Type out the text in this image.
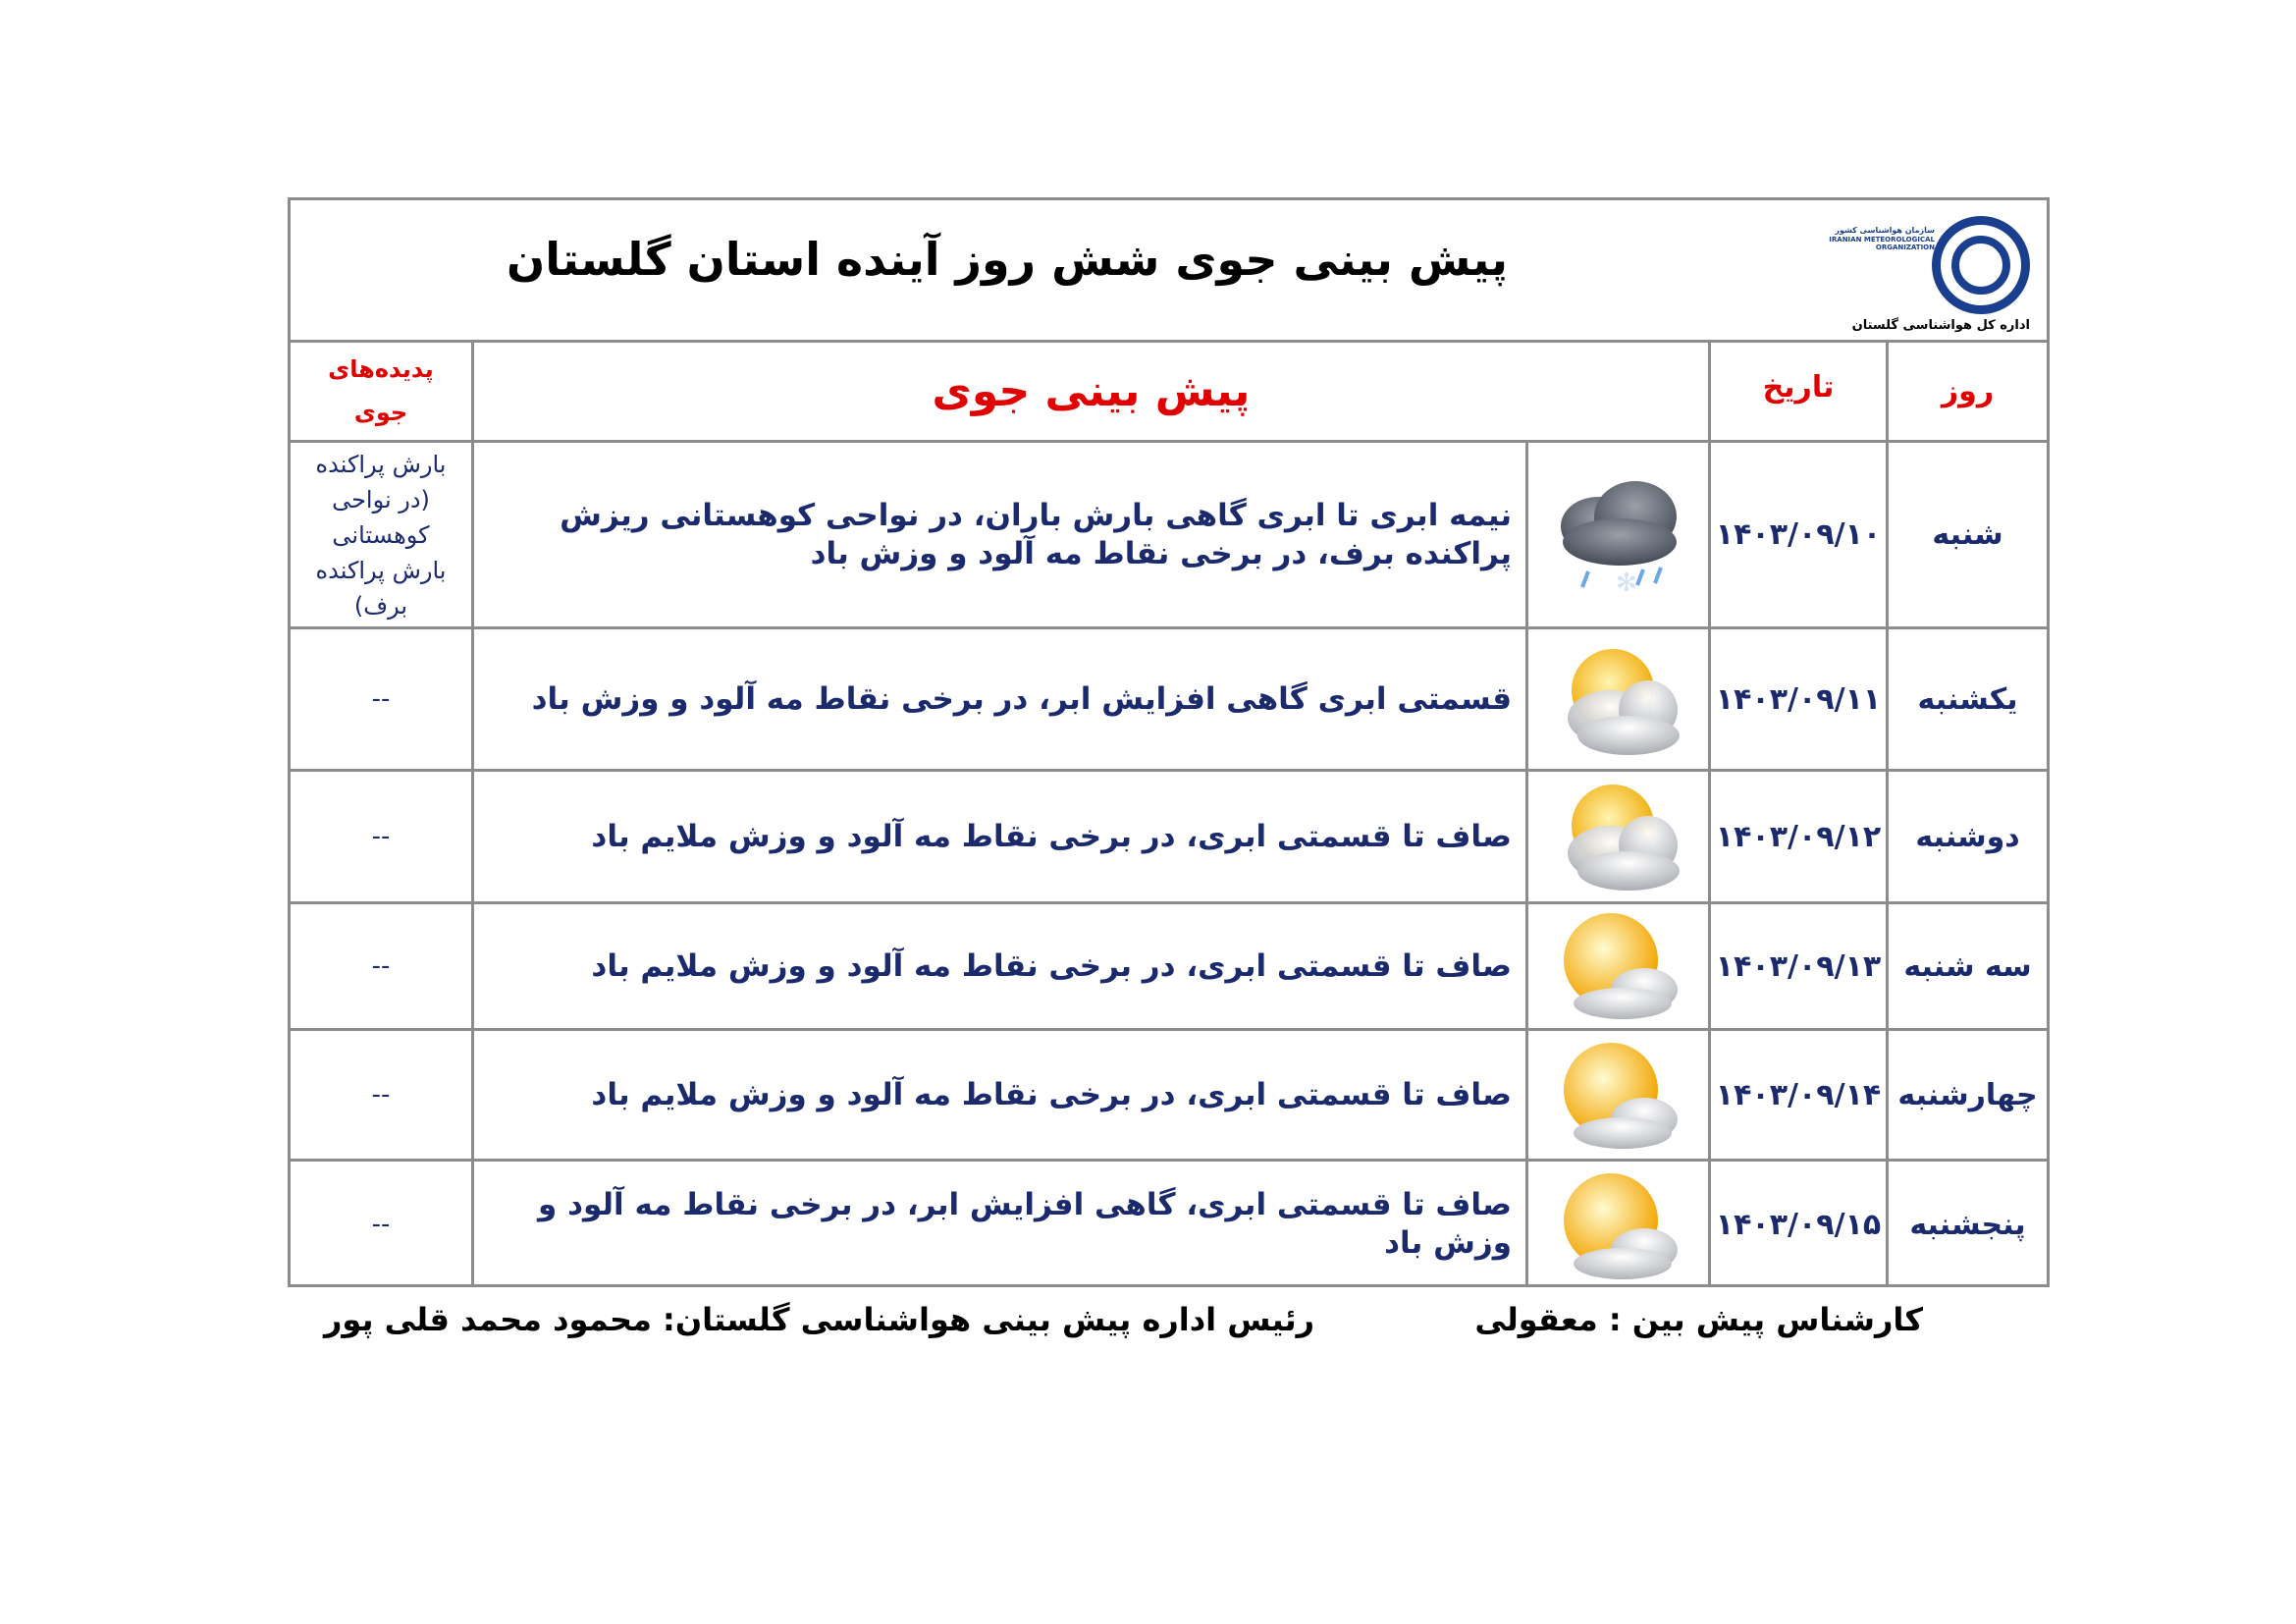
پیش بینی جوی شش روز آینده استان گلستان
سازمان هواشناسی کشور
IRANIAN METEOROLOGICAL ORGANIZATION
اداره کل هواشناسی گلستان
روز
تاریخ
پیش بینی جوی
پدیده‌های
جوی
شنبه
۱۴۰۳/۰۹/۱۰
✻
نیمه ابری تا ابری گاهی بارش باران، در نواحی کوهستانی ریزش پراکنده برف، در برخی نقاط مه آلود و وزش باد
بارش پراکنده (در نواحی کوهستانی بارش پراکنده برف)
یکشنبه
۱۴۰۳/۰۹/۱۱
قسمتی ابری گاهی افزایش ابر، در برخی نقاط مه آلود و وزش باد
--
دوشنبه
۱۴۰۳/۰۹/۱۲
صاف تا قسمتی ابری، در برخی نقاط مه آلود و وزش ملایم باد
--
سه شنبه
۱۴۰۳/۰۹/۱۳
صاف تا قسمتی ابری، در برخی نقاط مه آلود و وزش ملایم باد
--
چهارشنبه
۱۴۰۳/۰۹/۱۴
صاف تا قسمتی ابری، در برخی نقاط مه آلود و وزش ملایم باد
--
پنجشنبه
۱۴۰۳/۰۹/۱۵
صاف تا قسمتی ابری، گاهی افزایش ابر، در برخی نقاط مه آلود و وزش باد
--
کارشناس پیش بین : معقولی
رئیس اداره پیش بینی هواشناسی گلستان: محمود محمد قلی پور
